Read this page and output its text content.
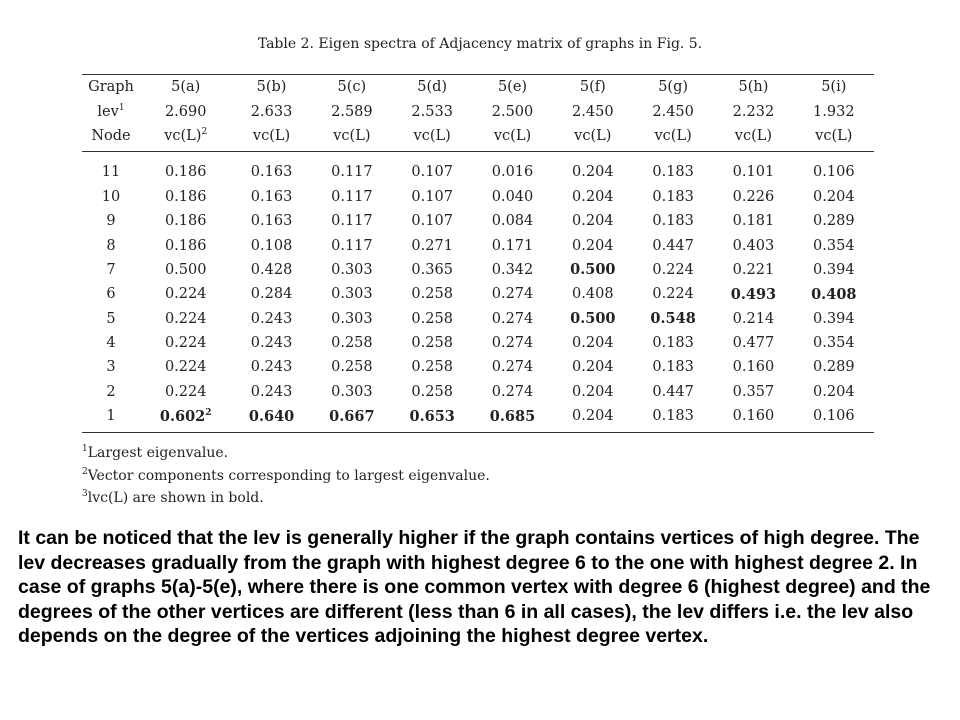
Table 2. Eigen spectra of Adjacency matrix of graphs in Fig. 5.
Graph	5(a)	5(b)	5(c)	5(d)	5(e)	5(f)	5(g)	5(h)	5(i)
lev$^1$	2.690	2.633	2.589	2.533	2.500	2.450	2.450	2.232	1.932
Node	$vc(L)^2$	vc(L)	vc(L)	vc(L)	vc(L)	vc(L)	vc(L)	vc(L)	vc(L)
11	0.186	0.163	0.117	0.107	0.016	0.204	0.183	0.101	0.106
10	0.186	0.163	0.117	0.107	0.040	0.204	0.183	0.226	0.204
9	0.186	0.163	0.117	0.107	0.084	0.204	0.183	0.181	0.289
8	0.186	0.108	0.117	0.271	0.171	0.204	0.447	0.403	0.354
7	0.500	0.428	0.303	0.365	0.342	0.500	0.224	0.221	0.394
6	0.224	0.284	0.303	0.258	0.274	0.408	0.224	0.493	0.408
5	0.224	0.243	0.303	0.258	0.274	0.500	0.548	0.214	0.394
4	0.224	0.243	0.258	0.258	0.274	0.204	0.183	0.477	0.354
3	0.224	0.243	0.258	0.258	0.274	0.204	0.183	0.160	0.289
2	0.224	0.243	0.303	0.258	0.274	0.204	0.447	0.357	0.204
1	0.602$^2$	0.640	0.667	0.653	0.685	0.204	0.183	0.160	0.106
$^1$Largest eigenvalue.
$^2$Vector components corresponding to largest eigenvalue.
$^3$lvc(L) are shown in bold.
It can be noticed that the lev is generally higher if the graph contains vertices of high degree. The lev decreases gradually from the graph with highest degree 6 to the one with highest degree 2. In case of graphs 5(a)-5(e), where there is one common vertex with degree 6 (highest degree) and the degrees of the other vertices are different (less than 6 in all cases), the lev differs i.e. the lev also depends on the degree of the vertices adjoining the highest degree vertex.
